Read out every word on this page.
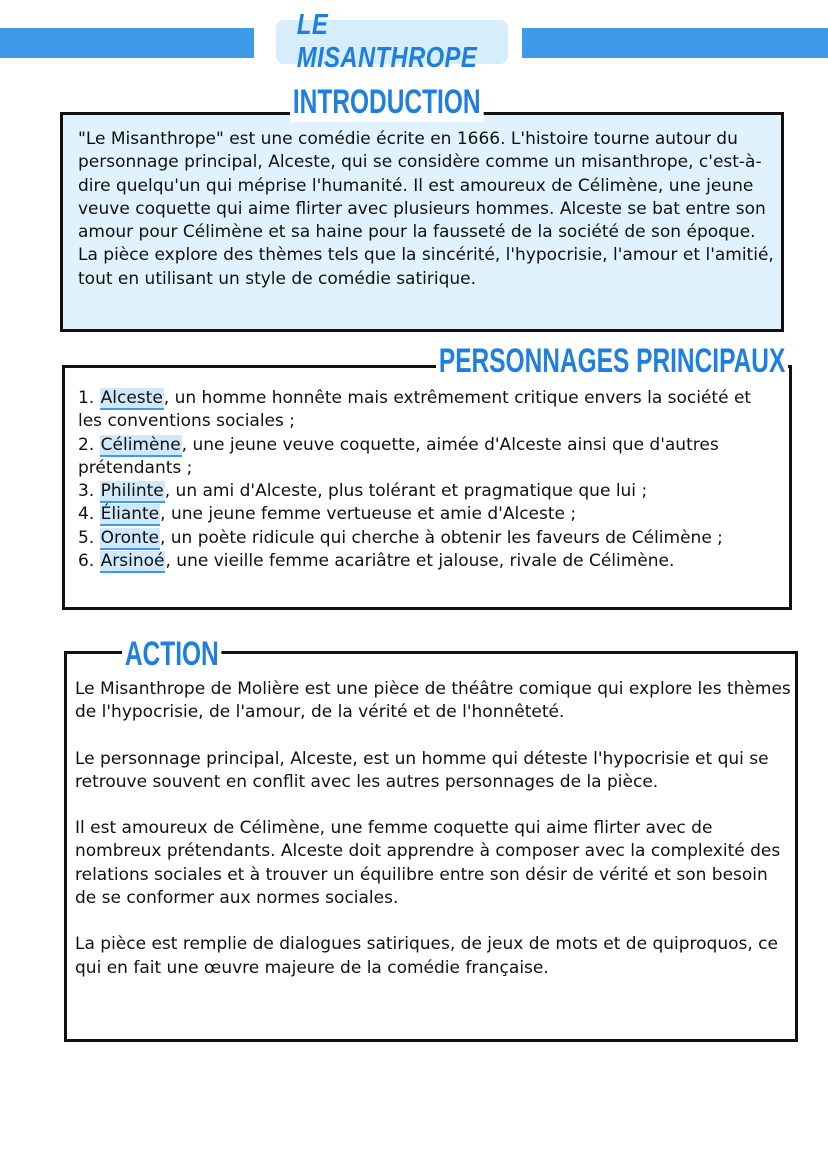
LE MISANTHROPE
INTRODUCTION

"Le Misanthrope" est une comédie écrite en 1666. L'histoire tourne autour du personnage principal, Alceste, qui se considère comme un misanthrope, c'est-à-dire quelqu'un qui méprise l'humanité. Il est amoureux de Célimène, une jeune veuve coquette qui aime flirter avec plusieurs hommes. Alceste se bat entre son amour pour Célimène et sa haine pour la fausseté de la société de son époque. La pièce explore des thèmes tels que la sincérité, l'hypocrisie, l'amour et l'amitié, tout en utilisant un style de comédie satirique.

PERSONNAGES PRINCIPAUX

1. Alceste, un homme honnête mais extrêmement critique envers la société et les conventions sociales ;

2. Célimène, une jeune veuve coquette, aimée d'Alceste ainsi que d'autres prétendants ;

3. Philinte, un ami d'Alceste, plus tolérant et pragmatique que lui ;

4. Éliante, une jeune femme vertueuse et amie d'Alceste ;

5. Oronte, un poète ridicule qui cherche à obtenir les faveurs de Célimène ;

6. Arsinoé, une vieille femme acariâtre et jalouse, rivale de Célimène.

ACTION

Le Misanthrope de Molière est une pièce de théâtre comique qui explore les thèmes de l'hypocrisie, de l'amour, de la vérité et de l'honnêteté.

Le personnage principal, Alceste, est un homme qui déteste l'hypocrisie et qui se retrouve souvent en conflit avec les autres personnages de la pièce.

Il est amoureux de Célimène, une femme coquette qui aime flirter avec de nombreux prétendants. Alceste doit apprendre à composer avec la complexité des relations sociales et à trouver un équilibre entre son désir de vérité et son besoin de se conformer aux normes sociales.

La pièce est remplie de dialogues satiriques, de jeux de mots et de quiproquos, ce qui en fait une œuvre majeure de la comédie française.
